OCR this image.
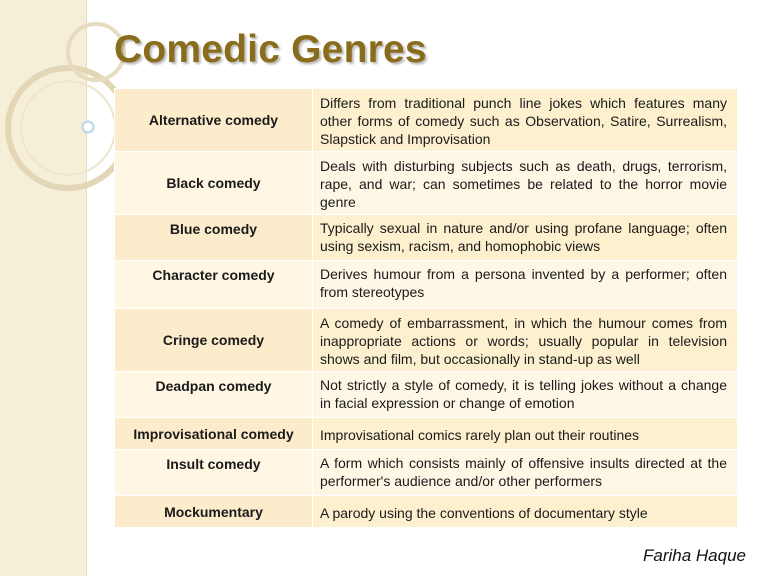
Comedic Genres
Alternative comedy	Differs from traditional punch line jokes which features many other forms of comedy such as Observation, Satire, Surrealism, Slapstick and Improvisation
Black comedy	Deals with disturbing subjects such as death, drugs, terrorism, rape, and war; can sometimes be related to the horror movie genre
Blue comedy	Typically sexual in nature and/or using profane language; often using sexism, racism, and homophobic views
Character comedy	Derives humour from a persona invented by a performer; often from stereotypes
Cringe comedy	A comedy of embarrassment, in which the humour comes from inappropriate actions or words; usually popular in television shows and film, but occasionally in stand-up as well
Deadpan comedy	Not strictly a style of comedy, it is telling jokes without a change in facial expression or change of emotion
Improvisational comedy	Improvisational comics rarely plan out their routines
Insult comedy	A form which consists mainly of offensive insults directed at the performer's audience and/or other performers
Mockumentary	A parody using the conventions of documentary style
Fariha Haque
